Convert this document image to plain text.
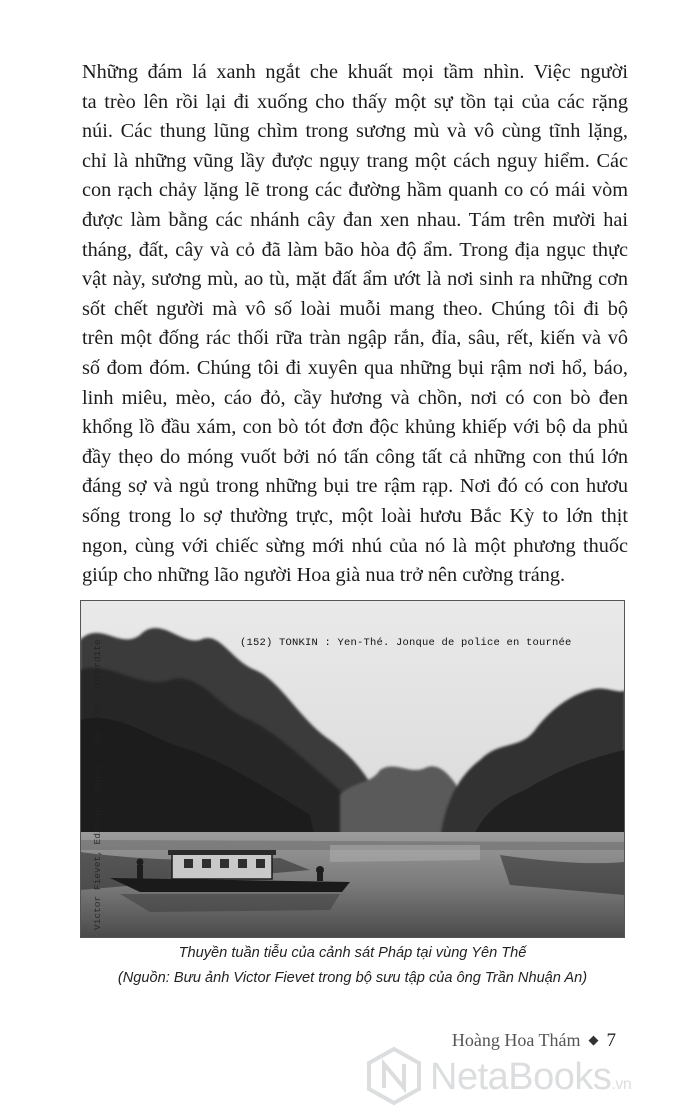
Những đám lá xanh ngắt che khuất mọi tầm nhìn. Việc người
ta trèo lên rồi lại đi xuống cho thấy một sự tồn tại của các rặng
núi. Các thung lũng chìm trong sương mù và vô cùng tĩnh lặng,
chỉ là những vũng lầy được ngụy trang một cách nguy hiểm. Các
con rạch chảy lặng lẽ trong các đường hầm quanh co có mái vòm
được làm bằng các nhánh cây đan xen nhau. Tám trên mười hai
tháng, đất, cây và cỏ đã làm bão hòa độ ẩm. Trong địa ngục thực
vật này, sương mù, ao tù, mặt đất ẩm ướt là nơi sinh ra những cơn
sốt chết người mà vô số loài muỗi mang theo. Chúng tôi đi bộ
trên một đống rác thối rữa tràn ngập rắn, đỉa, sâu, rết, kiến và vô
số đom đóm. Chúng tôi đi xuyên qua những bụi rậm nơi hổ, báo,
linh miêu, mèo, cáo đỏ, cầy hương và chồn, nơi có con bò đen
khổng lồ đầu xám, con bò tót đơn độc khủng khiếp với bộ da phủ
đầy thẹo do móng vuốt bởi nó tấn công tất cả những con thú lớn
đáng sợ và ngủ trong những bụi tre rậm rạp. Nơi đó có con hươu
sống trong lo sợ thường trực, một loài hươu Bắc Kỳ to lớn thịt
ngon, cùng với chiếc sừng mới nhú của nó là một phương thuốc
giúp cho những lão người Hoa già nua trở nên cường tráng.
(152) TONKIN : Yen-Thé. Jonque de police en tournée
Victor Fievet, Editeur, Hanoi – dép. rep. interdite
Thuyền tuần tiễu của cảnh sát Pháp tại vùng Yên Thế
(Nguồn: Bưu ảnh Victor Fievet trong bộ sưu tập của ông Trần Nhuận An)
Hoàng Hoa Thám ◆ 7
NetaBooks.vn
